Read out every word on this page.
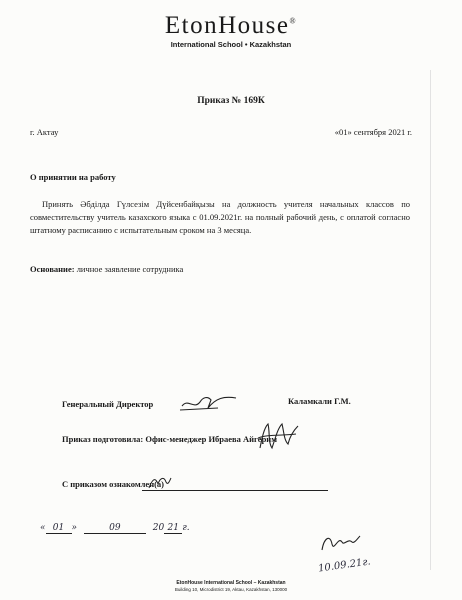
EtonHouse®
International School • Kazakhstan
Приказ № 169К
г. Актау	«01» сентября 2021 г.
О принятии на работу
Принять Әбділда Гүлсезім Дүйсенбайқызы на должность учителя начальных классов по совместительству учитель казахского языка с 01.09.2021г. на полный рабочий день, с оплатой согласно штатному расписанию с испытательным сроком на 3 месяца.
Основание: личное заявление сотрудника
Генеральный Директор	Каламкали Г.М.
Приказ подготовила: Офис-менеджер Ибраева Айгерим
С приказом ознакомлен(а)
« 01 »	09	20 21 г.
10.09.21г.
EtonHouse International School – Kazakhstan
Building 10, Microdistrict 19, Aktau, Kazakhstan, 130000
